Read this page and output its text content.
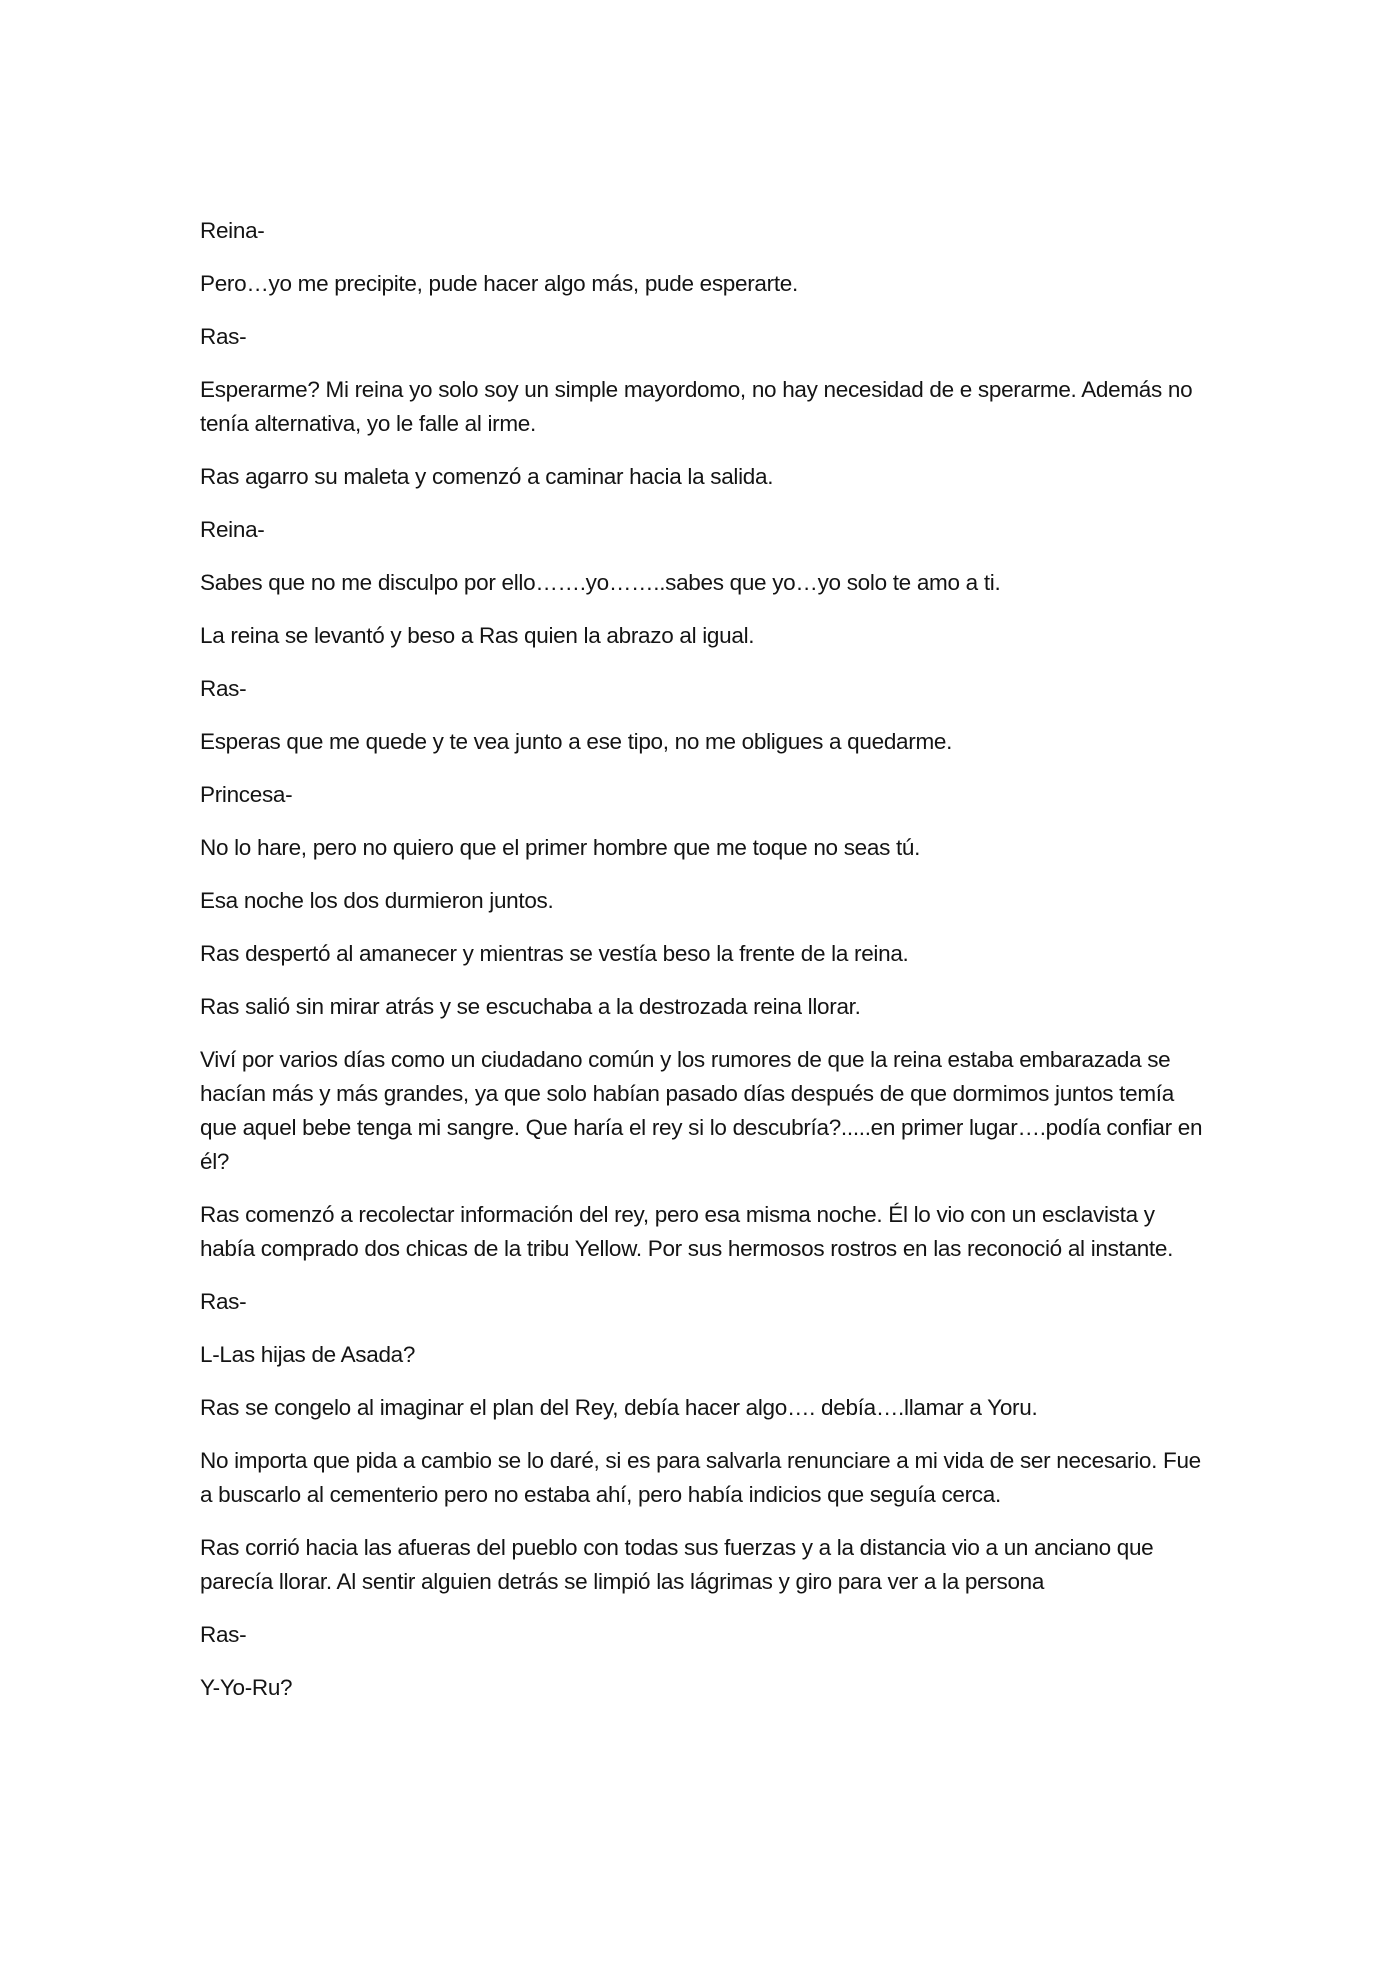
Reina-

Pero…yo me precipite, pude hacer algo más, pude esperarte.

Ras-

Esperarme? Mi reina yo solo soy un simple mayordomo, no hay necesidad de e sperarme. Además no tenía alternativa, yo le falle al irme.

Ras agarro su maleta y comenzó a caminar hacia la salida.

Reina-

Sabes que no me disculpo por ello…….yo……..sabes que yo…yo solo te amo a ti.

La reina se levantó y beso a Ras quien la abrazo al igual.

Ras-

Esperas que me quede y te vea junto a ese tipo, no me obligues a quedarme.

Princesa-

No lo hare, pero no quiero que el primer hombre que me toque no seas tú.

Esa noche los dos durmieron juntos.

Ras despertó al amanecer y mientras se vestía beso la frente de la reina.

Ras salió sin mirar atrás y se escuchaba a la destrozada reina llorar.

Viví por varios días como un ciudadano común y los rumores de que la reina estaba embarazada se hacían más y más grandes, ya que solo habían pasado días después de que dormimos juntos temía que aquel bebe tenga mi sangre. Que haría el rey si lo descubría?.....en primer lugar….podía confiar en él?

Ras comenzó a recolectar información del rey, pero esa misma noche. Él lo vio con un esclavista y había comprado dos chicas de la tribu Yellow. Por sus hermosos rostros en las reconoció al instante.

Ras-

L-Las hijas de Asada?

Ras se congelo al imaginar el plan del Rey, debía hacer algo…. debía….llamar a Yoru.

No importa que pida a cambio se lo daré, si es para salvarla renunciare a mi vida de ser necesario. Fue a buscarlo al cementerio pero no estaba ahí, pero había indicios que seguía cerca.

Ras corrió hacia las afueras del pueblo con todas sus fuerzas y a la distancia vio a un anciano que parecía llorar. Al sentir alguien detrás se limpió las lágrimas y giro para ver a la persona

Ras-

Y-Yo-Ru?
